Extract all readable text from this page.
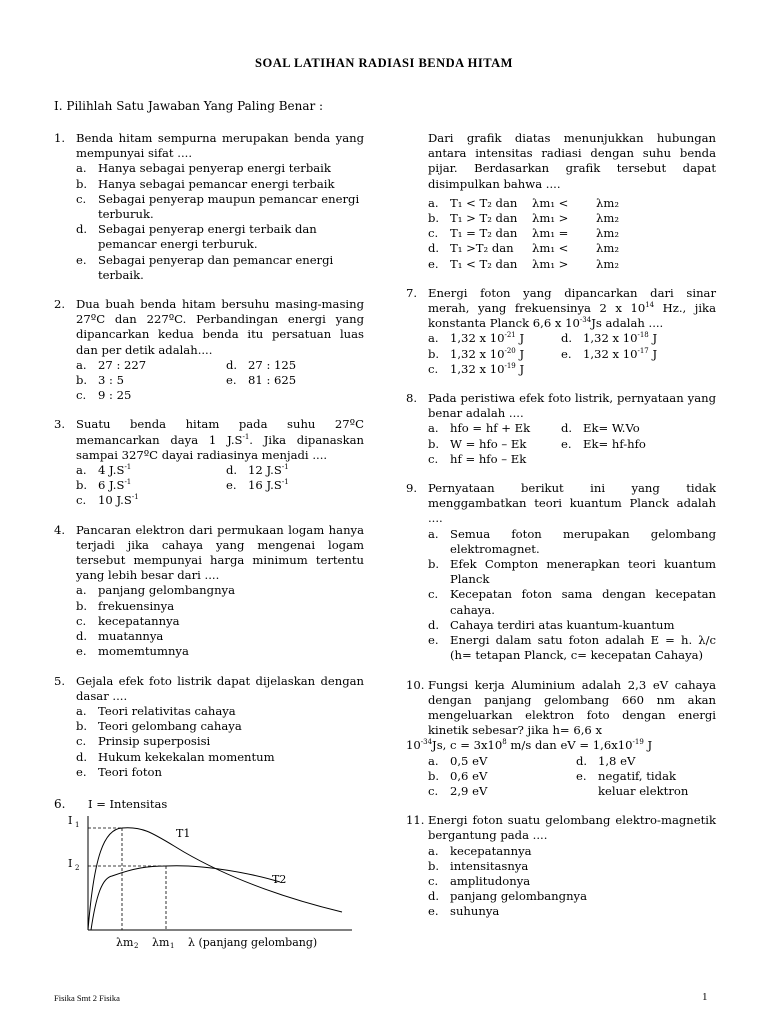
SOAL LATIHAN RADIASI BENDA HITAM
I. Pilihlah Satu Jawaban Yang Paling Benar :
1. Benda hitam sempurna merupakan benda yang mempunyai sifat ....
a. Hanya sebagai penyerap energi terbaik
b. Hanya sebagai pemancar energi terbaik
c. Sebagai penyerap maupun pemancar energi terburuk.
d. Sebagai penyerap energi terbaik dan pemancar energi terburuk.
e. Sebagai penyerap dan pemancar energi terbaik.
2. Dua buah benda hitam bersuhu masing-masing 27ºC dan 227ºC. Perbandingan energi yang dipancarkan kedua benda itu persatuan luas dan per detik adalah....
a. 27 : 227	d. 27 : 125
b. 3 : 5	e. 81 : 625
c. 9 : 25
3. Suatu benda hitam pada suhu 27ºC memancarkan daya 1 $J.S^{-1}$. Jika dipanaskan sampai 327ºC dayai radiasinya menjadi ....
a. 4 $J.S^{-1}$	d. 12 $J.S^{-1}$
b. 6 $J.S^{-1}$	e. 16 $J.S^{-1}$
c. 10 $J.S^{-1}$
4. Pancaran elektron dari permukaan logam hanya terjadi jika cahaya yang mengenai logam tersebut mempunyai harga minimum tertentu yang lebih besar dari ....
a. panjang gelombangnya
b. frekuensinya
c. kecepatannya
d. muatannya
e. momemtumnya
5. Gejala efek foto listrik dapat dijelaskan dengan dasar ....
a. Teori relativitas cahaya
b. Teori gelombang cahaya
c. Prinsip superposisi
d. Hukum kekekalan momentum
e. Teori foton
6. I = Intensitas
I 1
I 2
T1
T2
λm 2 λm 1 λ (panjang gelombang)
Dari grafik diatas menunjukkan hubungan antara intensitas radiasi dengan suhu benda pijar. Berdasarkan grafik tersebut dapat disimpulkan bahwa ....
a. T₁ < T₂ dan	λm₁ <	λm₂
b. T₁ > T₂ dan	λm₁ >	λm₂
c.	T₁ = T₂ dan	λm₁ =	λm₂
d. T₁ >T₂ dan	λm₁ <	λm₂
e. T₁ < T₂ dan	λm₁ >	λm₂
7. Energi foton yang dipancarkan dari sinar merah, yang frekuensinya 2 x $10^{14}$ Hz., jika konstanta Planck 6,6 x $10^{-34}Js$ adalah ....
a. 1,32 x $10^{-21}$ J	d. 1,32 x $10^{-18}$ J
b. 1,32 x $10^{-20}$ J	e. 1,32 x $10^{-17}$ J
c. 1,32 x $10^{-19}$ J
8. Pada peristiwa efek foto listrik, pernyataan yang benar adalah ....
a. hfo = hf + Ek	d. Ek= W.Vo
b. W = hfo – Ek	e. Ek= hf-hfo
c. hf = hfo – Ek
9. Pernyataan berikut ini yang tidak menggambatkan teori kuantum Planck adalah ....
a. Semua foton merupakan gelombang elektromagnet.
b. Efek Compton menerapkan teori kuantum Planck
c. Kecepatan foton sama dengan kecepatan cahaya.
d. Cahaya terdiri atas kuantum-kuantum
e. Energi dalam satu foton adalah E = h. λ/c (h= tetapan Planck, c= kecepatan Cahaya)
10. Fungsi kerja Aluminium adalah 2,3 eV cahaya dengan panjang gelombang 660 nm akan mengeluarkan elektron foto dengan energi kinetik sebesar? jika h= 6,6 x
$10^{-34}Js$, $c = 3x10^8$ m/s dan eV = $1,6x10^{-19}$ J
a. 0,5 eV	d. 1,8 eV
b. 0,6 eV	e. negatif, tidak
c. 2,9 eV	keluar elektron
11. Energi foton suatu gelombang elektro-magnetik bergantung pada ....
a. kecepatannya
b. intensitasnya
c. amplitudonya
d. panjang gelombangnya
e. suhunya
Fisika Smt 2 Fisika	1
